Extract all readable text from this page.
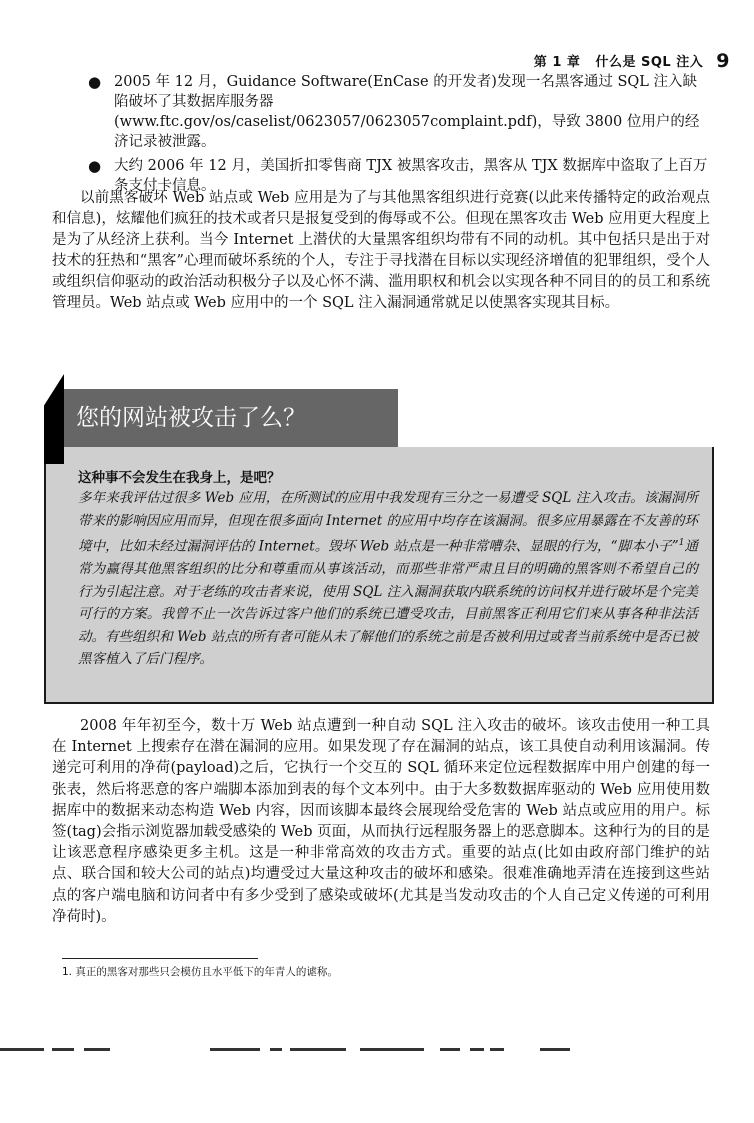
第 1 章 什么是 SQL 注入 9
● 2005 年 12 月，Guidance Software(EnCase 的开发者)发现一名黑客通过 SQL 注入缺陷破坏了其数据库服务器(www.ftc.gov/os/caselist/0623057/0623057complaint.pdf)，导致 3800 位用户的经济记录被泄露。
● 大约 2006 年 12 月，美国折扣零售商 TJX 被黑客攻击，黑客从 TJX 数据库中盗取了上百万条支付卡信息。

以前黑客破坏 Web 站点或 Web 应用是为了与其他黑客组织进行竞赛(以此来传播特定的政治观点和信息)，炫耀他们疯狂的技术或者只是报复受到的侮辱或不公。但现在黑客攻击 Web 应用更大程度上是为了从经济上获利。当今 Internet 上潜伏的大量黑客组织均带有不同的动机。其中包括只是出于对技术的狂热和“黑客”心理而破坏系统的个人，专注于寻找潜在目标以实现经济增值的犯罪组织，受个人或组织信仰驱动的政治活动积极分子以及心怀不满、滥用职权和机会以实现各种不同目的的员工和系统管理员。Web 站点或 Web 应用中的一个 SQL 注入漏洞通常就足以使黑客实现其目标。

您的网站被攻击了么？

这种事不会发生在我身上，是吧？

多年来我评估过很多 Web 应用，在所测试的应用中我发现有三分之一易遭受 SQL 注入攻击。该漏洞所带来的影响因应用而异，但现在很多面向 Internet 的应用中均存在该漏洞。很多应用暴露在不友善的环境中，比如未经过漏洞评估的 Internet。毁坏 Web 站点是一种非常嘈杂、显眼的行为，“脚本小子”$^1$通常为赢得其他黑客组织的比分和尊重而从事该活动，而那些非常严肃且目的明确的黑客则不希望自己的行为引起注意。对于老练的攻击者来说，使用 SQL 注入漏洞获取内联系统的访问权并进行破坏是个完美可行的方案。我曾不止一次告诉过客户他们的系统已遭受攻击，目前黑客正利用它们来从事各种非法活动。有些组织和 Web 站点的所有者可能从未了解他们的系统之前是否被利用过或者当前系统中是否已被黑客植入了后门程序。

2008 年年初至今，数十万 Web 站点遭到一种自动 SQL 注入攻击的破坏。该攻击使用一种工具在 Internet 上搜索存在潜在漏洞的应用。如果发现了存在漏洞的站点，该工具使自动利用该漏洞。传递完可利用的净荷(payload)之后，它执行一个交互的 SQL 循环来定位远程数据库中用户创建的每一张表，然后将恶意的客户端脚本添加到表的每个文本列中。由于大多数数据库驱动的 Web 应用使用数据库中的数据来动态构造 Web 内容，因而该脚本最终会展现给受危害的 Web 站点或应用的用户。标签(tag)会指示浏览器加载受感染的 Web 页面，从而执行远程服务器上的恶意脚本。这种行为的目的是让该恶意程序感染更多主机。这是一种非常高效的攻击方式。重要的站点(比如由政府部门维护的站点、联合国和较大公司的站点)均遭受过大量这种攻击的破坏和感染。很难准确地弄清在连接到这些站点的客户端电脑和访问者中有多少受到了感染或破坏(尤其是当发动攻击的个人自己定义传递的可利用净荷时)。

1. 真正的黑客对那些只会模仿且水平低下的年青人的谑称。
